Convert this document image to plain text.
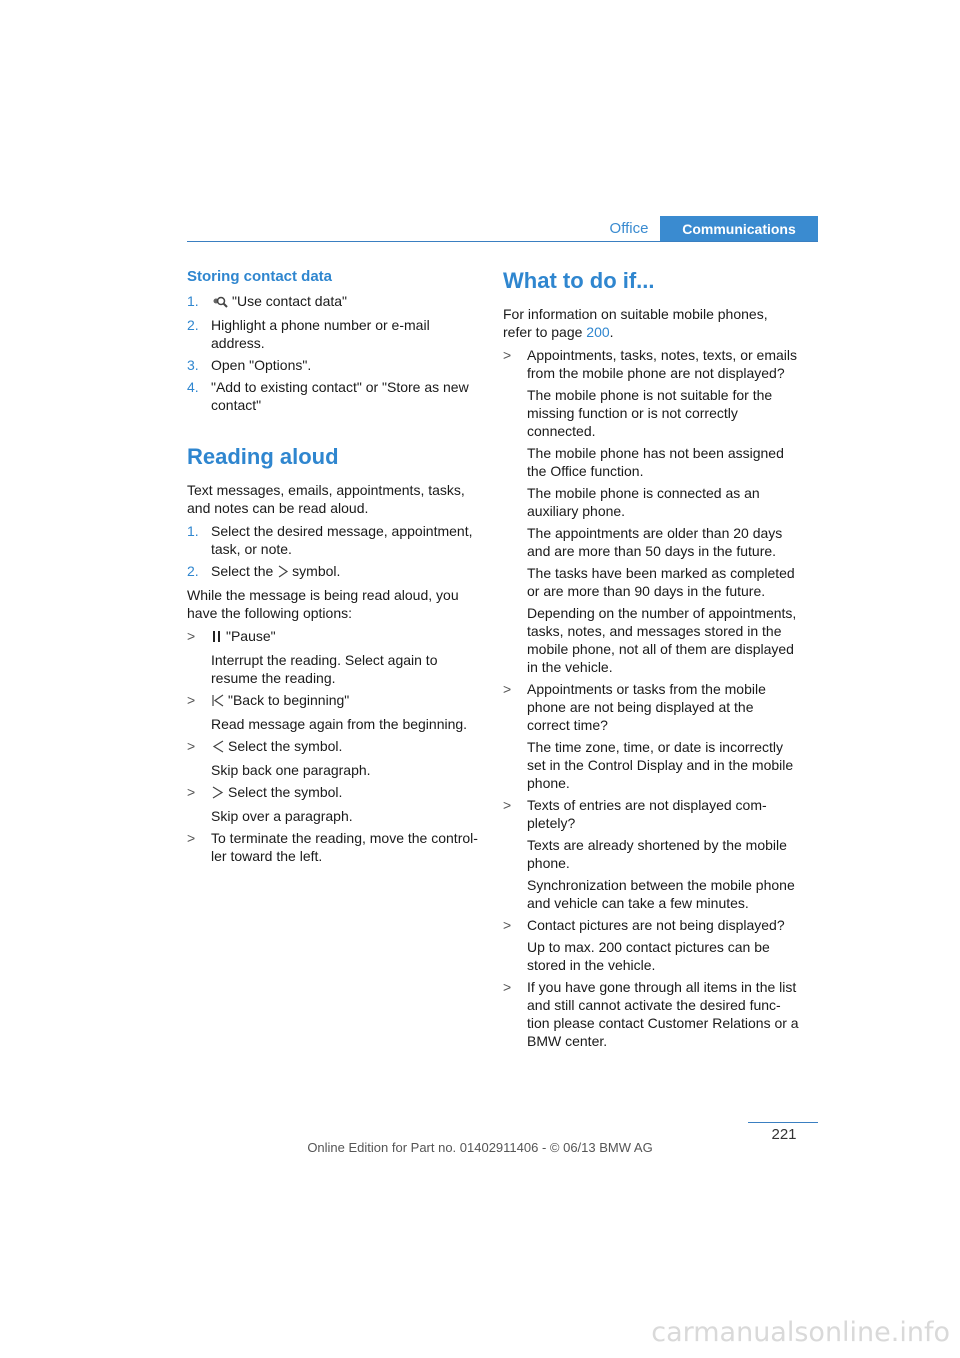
Office	Communications
Storing contact data
1. "Use contact data"
2. Highlight a phone number or e-mail address.
3. Open "Options".
4. "Add to existing contact" or "Store as new contact"
Reading aloud
Text messages, emails, appointments, tasks, and notes can be read aloud.
1. Select the desired message, appointment, task, or note.
2. Select the symbol.
While the message is being read aloud, you have the following options:
> "Pause"
Interrupt the reading. Select again to resume the reading.
> "Back to beginning"
Read message again from the beginning.
> Select the symbol.
Skip back one paragraph.
> Select the symbol.
Skip over a paragraph.
> To terminate the reading, move the control-ler toward the left.
What to do if...
For information on suitable mobile phones, refer to page 200.
> Appointments, tasks, notes, texts, or emails from the mobile phone are not displayed?
The mobile phone is not suitable for the missing function or is not correctly connected.
The mobile phone has not been assigned the Office function.
The mobile phone is connected as an auxiliary phone.
The appointments are older than 20 days and are more than 50 days in the future.
The tasks have been marked as completed or are more than 90 days in the future.
Depending on the number of appointments, tasks, notes, and messages stored in the mobile phone, not all of them are displayed in the vehicle.
> Appointments or tasks from the mobile phone are not being displayed at the correct time?
The time zone, time, or date is incorrectly set in the Control Display and in the mobile phone.
> Texts of entries are not displayed com-pletely?
Texts are already shortened by the mobile phone.
Synchronization between the mobile phone and vehicle can take a few minutes.
> Contact pictures are not being displayed?
Up to max. 200 contact pictures can be stored in the vehicle.
> If you have gone through all items in the list and still cannot activate the desired func-tion please contact Customer Relations or a BMW center.
221
Online Edition for Part no. 01402911406 - © 06/13 BMW AG
carmanualsonline.info
